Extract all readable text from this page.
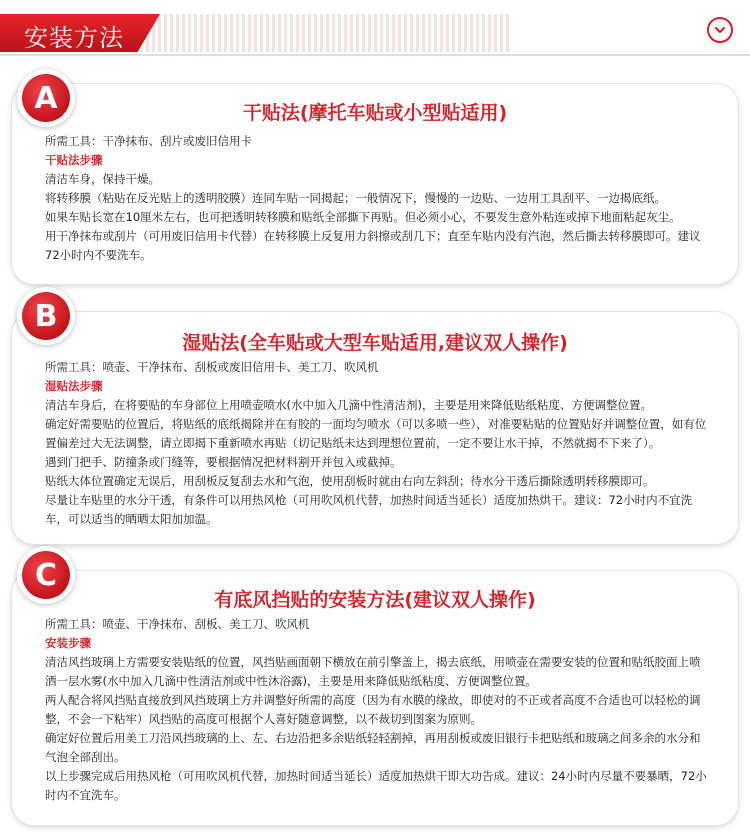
安装方法
干贴法(摩托车贴或小型贴适用)

所需工具：干净抹布、刮片或废旧信用卡

干贴法步骤

清洁车身，保持干燥。

将转移膜（粘贴在反光贴上的透明胶膜）连同车贴一同揭起；一般情况下，慢慢的一边贴、一边用工具刮平、一边揭底纸。

如果车贴长宽在10厘米左右，也可把透明转移膜和贴纸全部撕下再贴。但必须小心，不要发生意外粘连或掉下地面粘起灰尘。

用干净抹布或刮片（可用废旧信用卡代替）在转移膜上反复用力斜擦或刮几下；直至车贴内没有汽泡，然后撕去转移膜即可。建议72小时内不要洗车。

A
湿贴法(全车贴或大型车贴适用,建议双人操作)

所需工具：喷壶、干净抹布、刮板或废旧信用卡、美工刀、吹风机

湿贴法步骤

清洁车身后，在将要贴的车身部位上用喷壶喷水(水中加入几滴中性清洁剂)，主要是用来降低贴纸粘度、方便调整位置。

确定好需要贴的位置后，将贴纸的底纸揭除并在有胶的一面均匀喷水（可以多喷一些），对准要粘贴的位置贴好并调整位置，如有位置偏差过大无法调整，请立即揭下重新喷水再贴（切记贴纸未达到理想位置前，一定不要让水干掉，不然就揭不下来了）。

遇到门把手、防撞条或门缝等，要根据情况把材料割开并包入或截掉。

贴纸大体位置确定无误后，用刮板反复刮去水和气泡，使用刮板时就由右向左斜刮；待水分干透后撕除透明转移膜即可。

尽量让车贴里的水分干透，有条件可以用热风枪（可用吹风机代替，加热时间适当延长）适度加热烘干。建议：72小时内不宜洗车，可以适当的晒晒太阳加加温。

B
有底风挡贴的安装方法(建议双人操作)

所需工具：喷壶、干净抹布、刮板、美工刀、吹风机

安装步骤

清洁风挡玻璃上方需要安装贴纸的位置，风挡贴画面朝下横放在前引擎盖上，揭去底纸，用喷壶在需要安装的位置和贴纸胶面上喷洒一层水雾(水中加入几滴中性清洁剂或中性沐浴露)，主要是用来降低贴纸粘度、方便调整位置。

两人配合将风挡贴直接放到风挡玻璃上方并调整好所需的高度（因为有水膜的缘故，即使对的不正或者高度不合适也可以轻松的调整，不会一下粘牢）风挡贴的高度可根据个人喜好随意调整，以不裁切到图案为原则。

确定好位置后用美工刀沿风挡玻璃的上、左、右边沿把多余贴纸轻轻割掉，再用刮板或废旧银行卡把贴纸和玻璃之间多余的水分和气泡全部刮出。

以上步骤完成后用热风枪（可用吹风机代替，加热时间适当延长）适度加热烘干即大功告成。建议：24小时内尽量不要暴晒，72小时内不宜洗车。

C
